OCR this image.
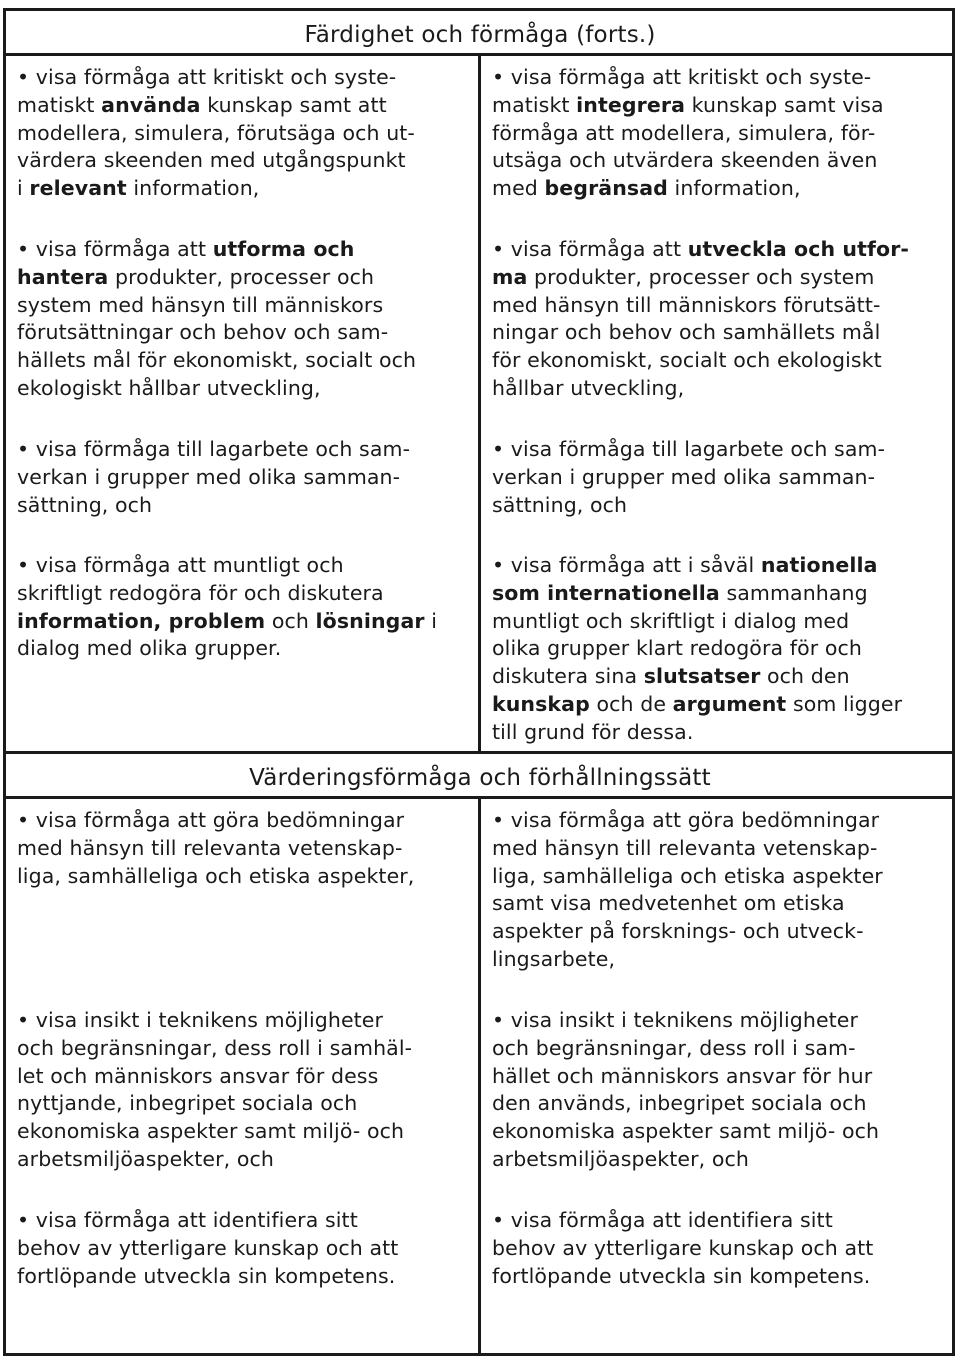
Färdighet och förmåga (forts.)

• visa förmåga att kritiskt och syste-
matiskt använda kunskap samt att
modellera, simulera, förutsäga och ut-
värdera skeenden med utgångspunkt
i relevant information,

• visa förmåga att utforma och
hantera produkter, processer och
system med hänsyn till människors
förutsättningar och behov och sam-
hällets mål för ekonomiskt, socialt och
ekologiskt hållbar utveckling,

• visa förmåga till lagarbete och sam-
verkan i grupper med olika samman-
sättning, och

• visa förmåga att muntligt och
skriftligt redogöra för och diskutera
information, problem och lösningar i
dialog med olika grupper.

• visa förmåga att kritiskt och syste-
matiskt integrera kunskap samt visa
förmåga att modellera, simulera, för-
utsäga och utvärdera skeenden även
med begränsad information,

• visa förmåga att utveckla och utfor-
ma produkter, processer och system
med hänsyn till människors förutsätt-
ningar och behov och samhällets mål
för ekonomiskt, socialt och ekologiskt
hållbar utveckling,

• visa förmåga till lagarbete och sam-
verkan i grupper med olika samman-
sättning, och

• visa förmåga att i såväl nationella
som internationella sammanhang
muntligt och skriftligt i dialog med
olika grupper klart redogöra för och
diskutera sina slutsatser och den
kunskap och de argument som ligger
till grund för dessa.

Värderingsförmåga och förhållningssätt

• visa förmåga att göra bedömningar
med hänsyn till relevanta vetenskap-
liga, samhälleliga och etiska aspekter,

• visa insikt i teknikens möjligheter
och begränsningar, dess roll i samhäl-
let och människors ansvar för dess
nyttjande, inbegripet sociala och
ekonomiska aspekter samt miljö- och
arbetsmiljöaspekter, och

• visa förmåga att identifiera sitt
behov av ytterligare kunskap och att
fortlöpande utveckla sin kompetens.

• visa förmåga att göra bedömningar
med hänsyn till relevanta vetenskap-
liga, samhälleliga och etiska aspekter
samt visa medvetenhet om etiska
aspekter på forsknings- och utveck-
lingsarbete,

• visa insikt i teknikens möjligheter
och begränsningar, dess roll i sam-
hället och människors ansvar för hur
den används, inbegripet sociala och
ekonomiska aspekter samt miljö- och
arbetsmiljöaspekter, och

• visa förmåga att identifiera sitt
behov av ytterligare kunskap och att
fortlöpande utveckla sin kompetens.
